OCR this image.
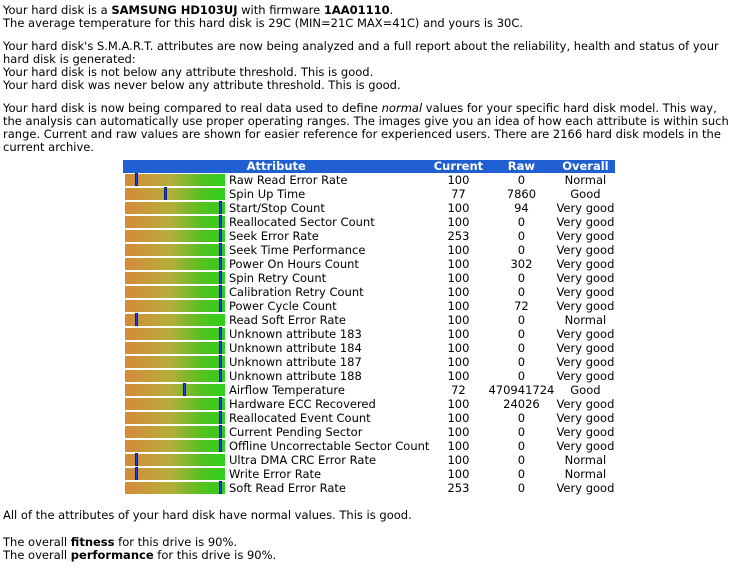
Your hard disk is a SAMSUNG HD103UJ with firmware 1AA01110.

The average temperature for this hard disk is 29C (MIN=21C MAX=41C) and yours is 30C.

Your hard disk's S.M.A.R.T. attributes are now being analyzed and a full report about the reliability, health and status of your hard disk is generated:

Your hard disk is not below any attribute threshold. This is good.

Your hard disk was never below any attribute threshold. This is good.

Your hard disk is now being compared to real data used to define normal values for your specific hard disk model. This way, the analysis can automatically use proper operating ranges. The images give you an idea of how each attribute is within such range. Current and raw values are shown for easier reference for experienced users. There are 2166 hard disk models in the current archive.

Attribute		Current	Raw	Overall

	Raw Read Error Rate	100	0	Normal

	Spin Up Time	77	7860	Good

	Start/Stop Count	100	94	Very good

	Reallocated Sector Count	100	0	Very good

	Seek Error Rate	253	0	Very good

	Seek Time Performance	100	0	Very good

	Power On Hours Count	100	302	Very good

	Spin Retry Count	100	0	Very good

	Calibration Retry Count	100	0	Very good

	Power Cycle Count	100	72	Very good

	Read Soft Error Rate	100	0	Normal

	Unknown attribute 183	100	0	Very good

	Unknown attribute 184	100	0	Very good

	Unknown attribute 187	100	0	Very good

	Unknown attribute 188	100	0	Very good

	Airflow Temperature	72	470941724	Good

	Hardware ECC Recovered	100	24026	Very good

	Reallocated Event Count	100	0	Very good

	Current Pending Sector	100	0	Very good

	Offline Uncorrectable Sector Count	100	0	Very good

	Ultra DMA CRC Error Rate	100	0	Normal

	Write Error Rate	100	0	Normal

	Soft Read Error Rate	253	0	Very good

All of the attributes of your hard disk have normal values. This is good.

The overall fitness for this drive is 90%.

The overall performance for this drive is 90%.
